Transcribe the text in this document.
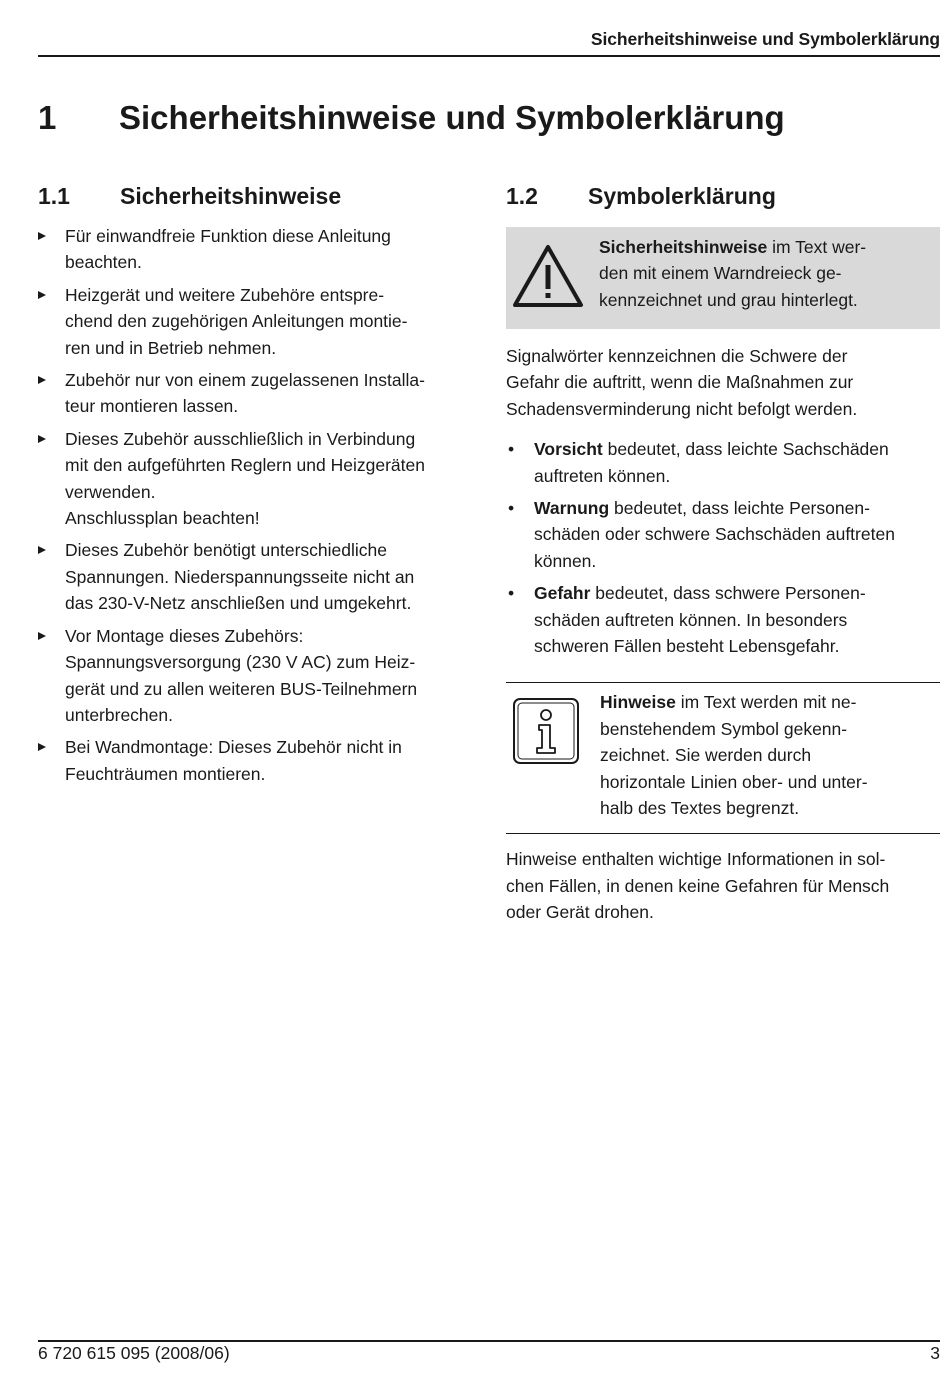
Sicherheitshinweise und Symbolerklärung
1	Sicherheitshinweise und Symbolerklärung
1.1	Sicherheitshinweise
Für einwandfreie Funktion diese Anleitung
beachten.
Heizgerät und weitere Zubehöre entspre-
chend den zugehörigen Anleitungen montie-
ren und in Betrieb nehmen.
Zubehör nur von einem zugelassenen Installa-
teur montieren lassen.
Dieses Zubehör ausschließlich in Verbindung
mit den aufgeführten Reglern und Heizgeräten
verwenden.
Anschlussplan beachten!
Dieses Zubehör benötigt unterschiedliche
Spannungen. Niederspannungsseite nicht an
das 230-V-Netz anschließen und umgekehrt.
Vor Montage dieses Zubehörs:
Spannungsversorgung (230 V AC) zum Heiz-
gerät und zu allen weiteren BUS-Teilnehmern
unterbrechen.
Bei Wandmontage: Dieses Zubehör nicht in
Feuchträumen montieren.
1.2	Symbolerklärung
Sicherheitshinweise im Text wer-
den mit einem Warndreieck ge-
kennzeichnet und grau hinterlegt.
Signalwörter kennzeichnen die Schwere der
Gefahr die auftritt, wenn die Maßnahmen zur
Schadensverminderung nicht befolgt werden.
• Vorsicht bedeutet, dass leichte Sachschäden
auftreten können.
• Warnung bedeutet, dass leichte Personen-
schäden oder schwere Sachschäden auftreten
können.
• Gefahr bedeutet, dass schwere Personen-
schäden auftreten können. In besonders
schweren Fällen besteht Lebensgefahr.
Hinweise im Text werden mit ne-
benstehendem Symbol gekenn-
zeichnet. Sie werden durch
horizontale Linien ober- und unter-
halb des Textes begrenzt.
Hinweise enthalten wichtige Informationen in sol-
chen Fällen, in denen keine Gefahren für Mensch
oder Gerät drohen.
6 720 615 095 (2008/06)	3
